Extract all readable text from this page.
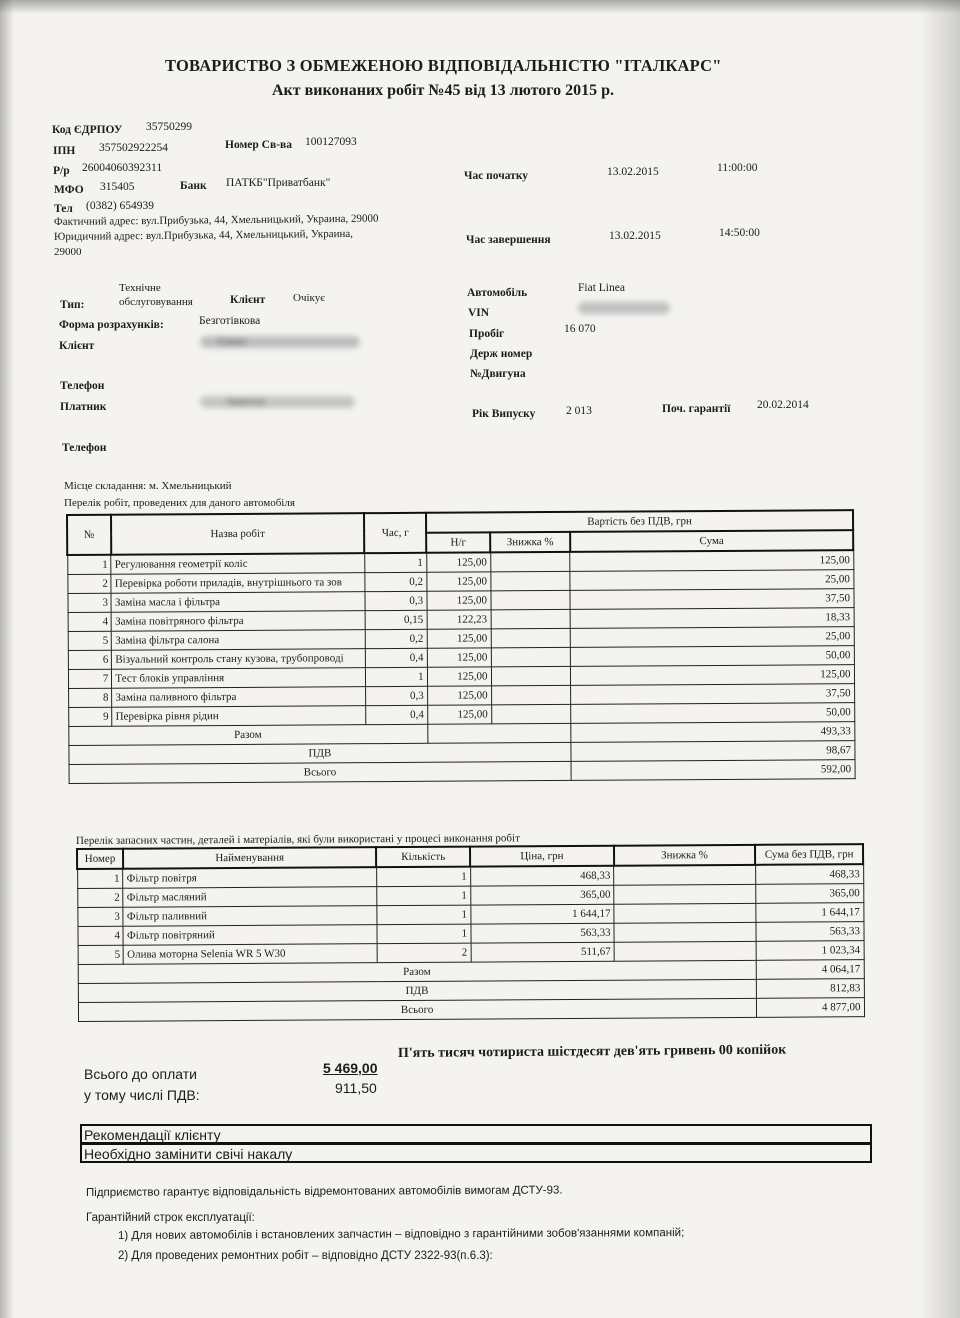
ТОВАРИСТВО З ОБМЕЖЕНОЮ ВІДПОВІДАЛЬНІСТЮ "ІТАЛКАРС"
Акт виконаних робіт №45 від 13 лютого 2015 р.
Код ЄДРПОУ 35750299
ІПН 357502922254	Номер Св-ва 100127093
Р/р 26004060392311
МФО 315405	Банк ПАТКБ"Приватбанк"
Тел (0382) 654939
Фактичний адрес: вул.Прибузька, 44, Хмельницький, Украина, 29000
Юридичний адрес: вул.Прибузька, 44, Хмельницький, Украина,
29000
Час початку	13.02.2015	11:00:00
Час завершення	13.02.2015	14:50:00
Тип:
Технічне
обслуговування	Клієнт	Очікує
Форма розрахунків:	Безготівкова
Клієнт	Олекс
Телефон
Платник	Анатолі
Телефон
Автомобіль	Fiat Linea
VIN

Пробіг	16 070
Держ номер
№Двигуна
Рік Випуску	2 013	Поч. гарантії 20.02.2014
Місце складання: м. Хмельницький
Перелік робіт, проведених для даного автомобіля
№	Назва робіт	Час, г	Вартість без ПДВ, грн		
			Н/г	Знижка %	Сума
1	Регулювання геометрії коліс	1	125,00		125,00
2	Перевірка роботи приладів, внутрішнього та зов	0,2	125,00		25,00
3	Заміна масла і фільтра	0,3	125,00		37,50
4	Заміна повітряного фільтра	0,15	122,23		18,33
5	Заміна фільтра салона	0,2	125,00		25,00
6	Візуальний контроль стану кузова, трубопроводі	0,4	125,00		50,00
7	Тест блоків управління	1	125,00		125,00
8	Заміна паливного фільтра	0,3	125,00		37,50
9	Перевірка рівня рідин	0,4	125,00		50,00
Разом					493,33
ПДВ					98,67
Всього					592,00
Перелік запасних частин, деталей і матеріалів, які були використані у процесі виконання робіт
Номер	Найменування	Кількість	Ціна, грн	Знижка %	Сума без ПДВ, грн
1	Фільтр повітря	1	468,33		468,33
2	Фільтр масляний	1	365,00		365,00
3	Фільтр паливний	1	1 644,17		1 644,17
4	Фільтр повітряний	1	563,33		563,33
5	Олива моторна Selenia WR 5 W30	2	511,67		1 023,34
Разом					4 064,17
ПДВ					812,83
Всього					4 877,00
Всього до оплати	5 469,00
П'ять тисяч чотириста шістдесят дев'ять гривень 00 копійок
у тому числі ПДВ:	911,50
Рекомендації клієнту
Необхідно замінити свічі накалу
Підприємство гарантує відповідальність відремонтованих автомобілів вимогам ДСТУ-93.
Гарантійний строк експлуатації:
1) Для нових автомобілів і встановлених запчастин – відповідно з гарантійними зобов'язаннями компаній;
2) Для проведених ремонтних робіт – відповідно ДСТУ 2322-93(п.6.3):
